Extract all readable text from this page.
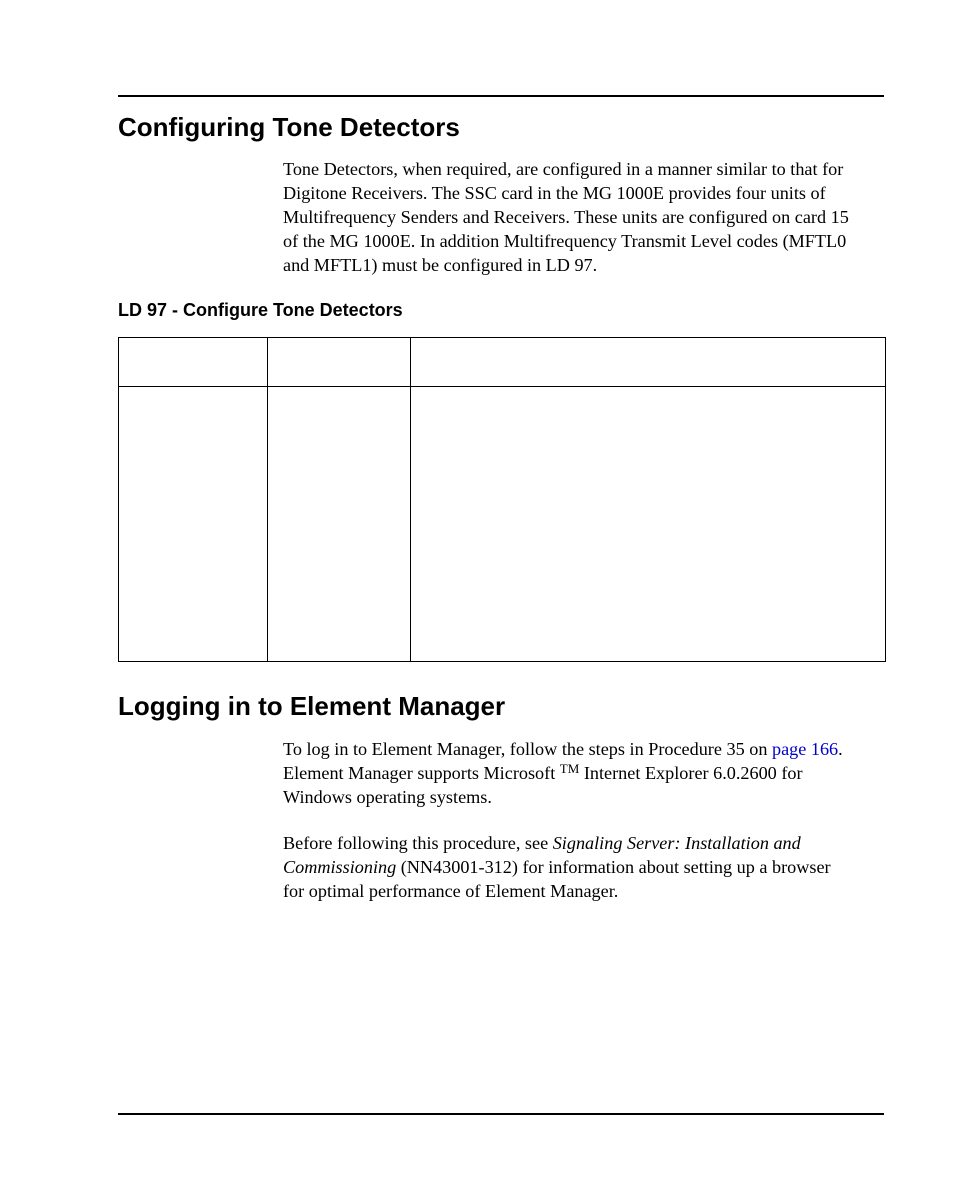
Configuring Tone Detectors

Tone Detectors, when required, are configured in a manner similar to that for
Digitone Receivers. The SSC card in the MG 1000E provides four units of
Multifrequency Senders and Receivers. These units are configured on card 15
of the MG 1000E. In addition Multifrequency Transmit Level codes (MFTL0
and MFTL1) must be configured in LD 97.

LD 97 - Configure Tone Detectors

Logging in to Element Manager

To log in to Element Manager, follow the steps in Procedure 35 on page 166.
Element Manager supports Microsoft ™ Internet Explorer 6.0.2600 for
Windows operating systems.

Before following this procedure, see Signaling Server: Installation and
Commissioning (NN43001-312) for information about setting up a browser
for optimal performance of Element Manager.
